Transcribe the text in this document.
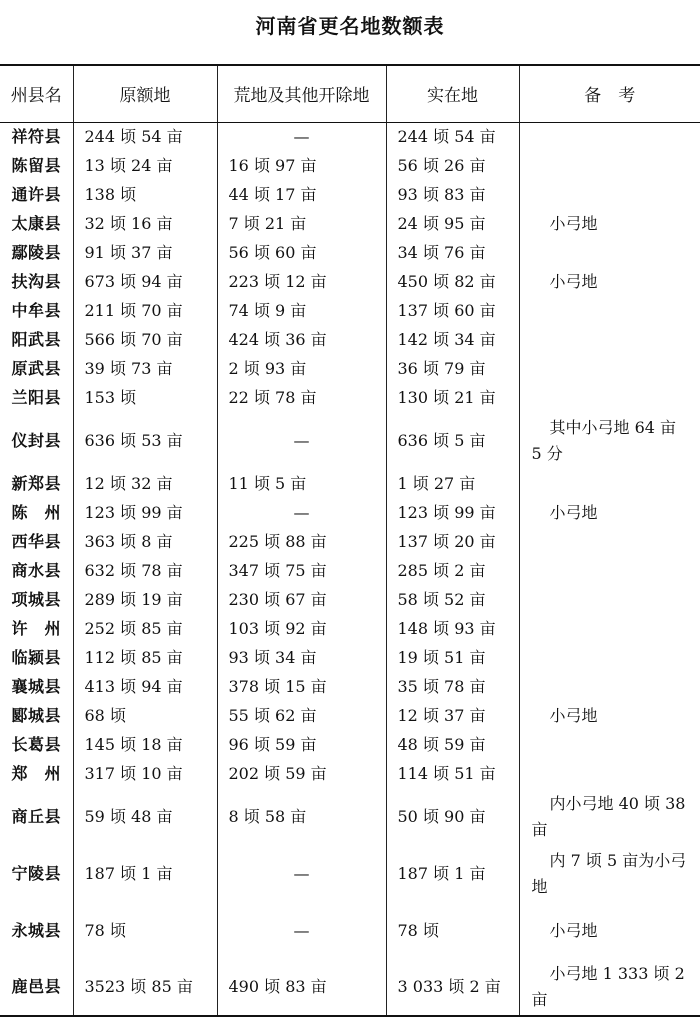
河南省更名地数额表
州县名	原额地	荒地及其他开除地	实在地	备　考
祥符县	244 顷 54 亩	—	244 顷 54 亩	
陈留县	13 顷 24 亩	16 顷 97 亩	56 顷 26 亩	
通许县	138 顷	44 顷 17 亩	93 顷 83 亩	
太康县	32 顷 16 亩	7 顷 21 亩	24 顷 95 亩	小弓地
鄢陵县	91 顷 37 亩	56 顷 60 亩	34 顷 76 亩	
扶沟县	673 顷 94 亩	223 顷 12 亩	450 顷 82 亩	小弓地
中牟县	211 顷 70 亩	74 顷 9 亩	137 顷 60 亩	
阳武县	566 顷 70 亩	424 顷 36 亩	142 顷 34 亩	
原武县	39 顷 73 亩	2 顷 93 亩	36 顷 79 亩	
兰阳县	153 顷	22 顷 78 亩	130 顷 21 亩	
仪封县	636 顷 53 亩	—	636 顷 5 亩	其中小弓地 64 亩 5 分
新郑县	12 顷 32 亩	11 顷 5 亩	1 顷 27 亩	
陈　州	123 顷 99 亩	—	123 顷 99 亩	小弓地
西华县	363 顷 8 亩	225 顷 88 亩	137 顷 20 亩	
商水县	632 顷 78 亩	347 顷 75 亩	285 顷 2 亩	
项城县	289 顷 19 亩	230 顷 67 亩	58 顷 52 亩	
许　州	252 顷 85 亩	103 顷 92 亩	148 顷 93 亩	
临颍县	112 顷 85 亩	93 顷 34 亩	19 顷 51 亩	
襄城县	413 顷 94 亩	378 顷 15 亩	35 顷 78 亩	
郾城县	68 顷	55 顷 62 亩	12 顷 37 亩	小弓地
长葛县	145 顷 18 亩	96 顷 59 亩	48 顷 59 亩	
郑　州	317 顷 10 亩	202 顷 59 亩	114 顷 51 亩	
商丘县	59 顷 48 亩	8 顷 58 亩	50 顷 90 亩	内小弓地 40 顷 38 亩
宁陵县	187 顷 1 亩	—	187 顷 1 亩	内 7 顷 5 亩为小弓地
永城县	78 顷	—	78 顷	小弓地
鹿邑县	3523 顷 85 亩	490 顷 83 亩	3 033 顷 2 亩	小弓地 1 333 顷 2 亩
